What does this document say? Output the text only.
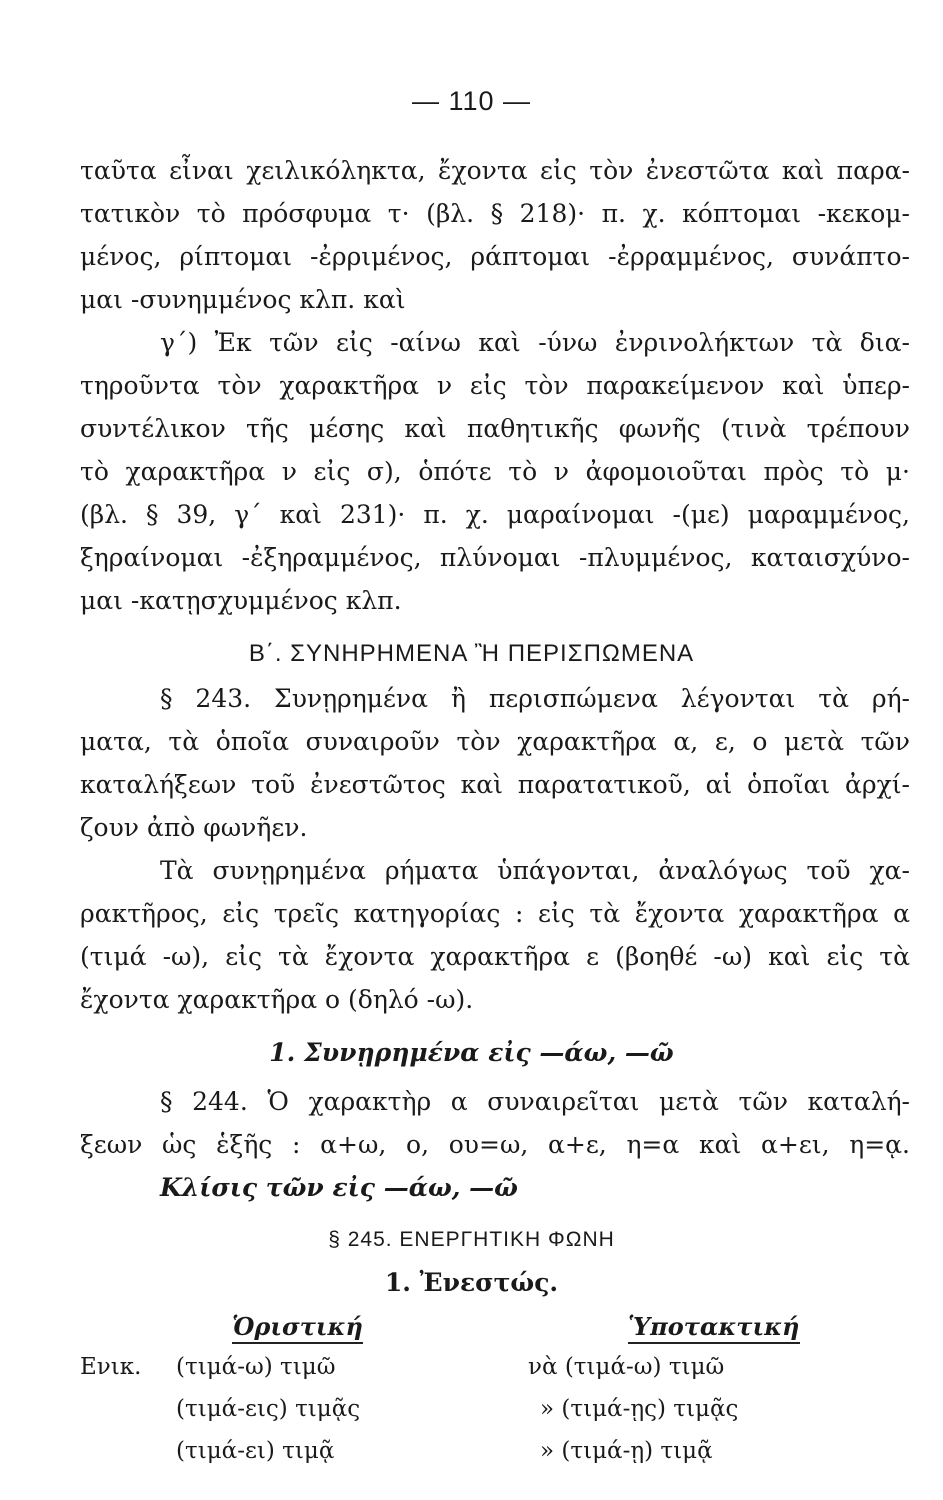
— 110 —
ταῦτα εἶναι χειλικόληκτα, ἔχοντα εἰς τὸν ἐνεστῶτα καὶ παρα-
τατικὸν τὸ πρόσφυμα τ· (βλ. § 218)· π. χ. κόπτομαι -κεκομ-
μένος, ρίπτομαι -ἐρριμένος, ράπτομαι -ἐρραμμένος, συνάπτο-
μαι -συνημμένος κλπ. καὶ
γ΄) Ἐκ τῶν εἰς -αίνω καὶ -ύνω ἐνρινολήκτων τὰ δια-
τηροῦντα τὸν χαρακτῆρα ν εἰς τὸν παρακείμενον καὶ ὑπερ-
συντέλικον τῆς μέσης καὶ παθητικῆς φωνῆς (τινὰ τρέπουν
τὸ χαρακτῆρα ν εἰς σ), ὁπότε τὸ ν ἀφομοιοῦται πρὸς τὸ μ·
(βλ. § 39, γ΄ καὶ 231)· π. χ. μαραίνομαι -(με) μαραμμένος,
ξηραίνομαι -ἐξηραμμένος, πλύνομαι -πλυμμένος, καταισχύνο-
μαι -κατῃσχυμμένος κλπ.
Β΄. ΣΥΝΗΡΗΜΕΝΑ Ἢ ΠΕΡΙΣΠΩΜΕΝΑ
§ 243. Συνῃρημένα ἢ περισπώμενα λέγονται τὰ ρή-
ματα, τὰ ὁποῖα συναιροῦν τὸν χαρακτῆρα α, ε, ο μετὰ τῶν
καταλήξεων τοῦ ἐνεστῶτος καὶ παρατατικοῦ, αἱ ὁποῖαι ἀρχί-
ζουν ἀπὸ φωνῆεν.
Τὰ συνῃρημένα ρήματα ὑπάγονται, ἀναλόγως τοῦ χα-
ρακτῆρος, εἰς τρεῖς κατηγορίας : εἰς τὰ ἔχοντα χαρακτῆρα α
(τιμά -ω), εἰς τὰ ἔχοντα χαρακτῆρα ε (βοηθέ -ω) καὶ εἰς τὰ
ἔχοντα χαρακτῆρα ο (δηλό -ω).
1. Συνῃρημένα εἰς —άω, —ῶ
§ 244. Ὁ χαρακτὴρ α συναιρεῖται μετὰ τῶν καταλή-
ξεων ὡς ἑξῆς : α+ω, ο, ου=ω, α+ε, η=α καὶ α+ει, η=ᾳ.
Κλίσις τῶν εἰς —άω, —ῶ
§ 245. ΕΝΕΡΓΗΤΙΚΗ ΦΩΝΗ
1. Ἐνεστώς.
Ὁριστική	Ὑποτακτική
Ενικ. (τιμά-ω) τιμῶ
(τιμά-εις) τιμᾷς
(τιμά-ει) τιμᾷ
νὰ (τιμά-ω) τιμῶ
» (τιμά-ῃς) τιμᾷς
» (τιμά-ῃ) τιμᾷ
